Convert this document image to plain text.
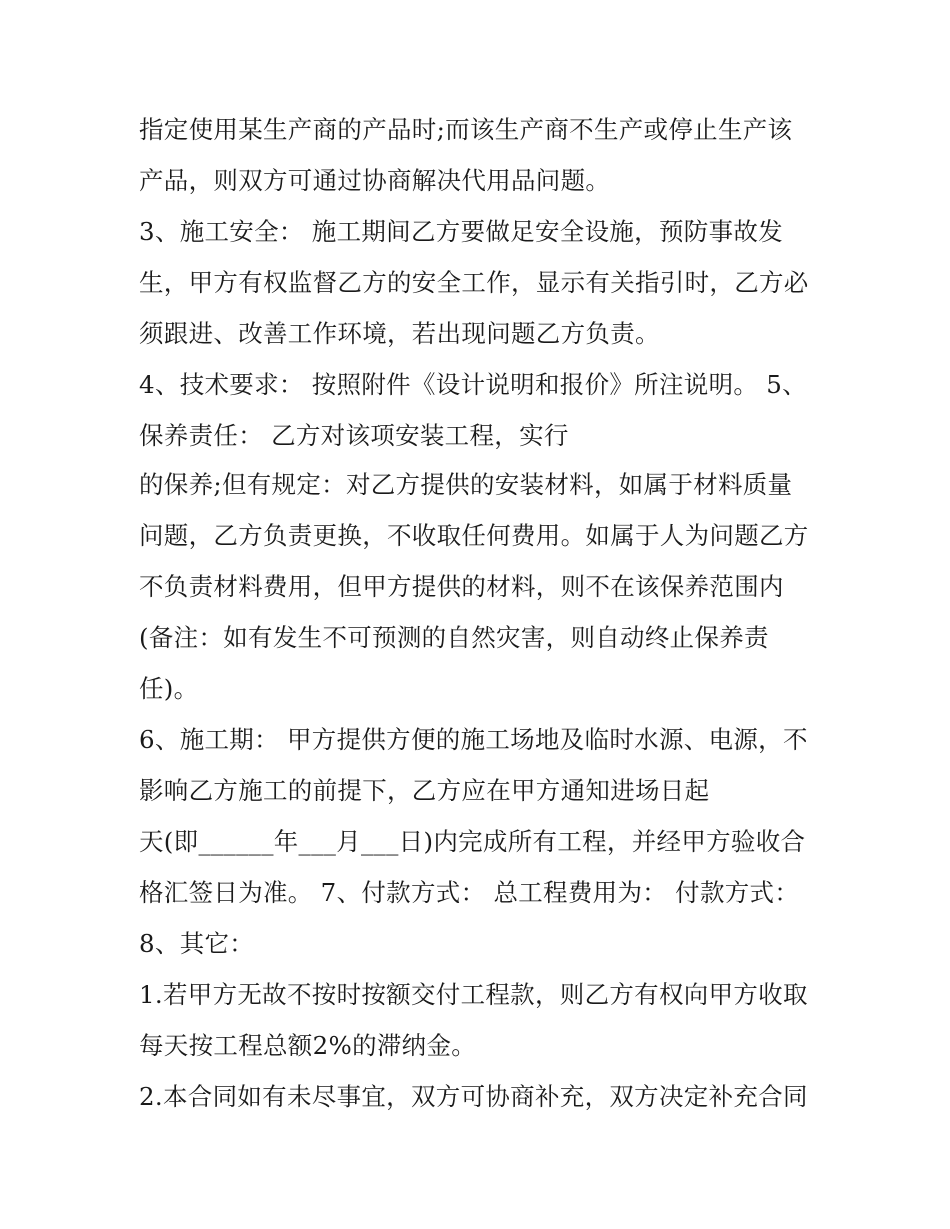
指定使用某生产商的产品时;而该生产商不生产或停止生产该

产品，则双方可通过协商解决代用品问题。

3、施工安全： 施工期间乙方要做足安全设施，预防事故发

生，甲方有权监督乙方的安全工作，显示有关指引时，乙方必

须跟进、改善工作环境，若出现问题乙方负责。

4、技术要求： 按照附件《设计说明和报价》所注说明。 5、

保养责任： 乙方对该项安装工程，实行

的保养;但有规定：对乙方提供的安装材料，如属于材料质量

问题，乙方负责更换，不收取任何费用。如属于人为问题乙方

不负责材料费用，但甲方提供的材料，则不在该保养范围内

(备注：如有发生不可预测的自然灾害，则自动终止保养责

任)。

6、施工期： 甲方提供方便的施工场地及临时水源、电源，不

影响乙方施工的前提下，乙方应在甲方通知进场日起

天(即______年___月___日)内完成所有工程，并经甲方验收合

格汇签日为准。 7、付款方式： 总工程费用为： 付款方式：

8、其它：

1.若甲方无故不按时按额交付工程款，则乙方有权向甲方收取

每天按工程总额2%的滞纳金。

2.本合同如有未尽事宜，双方可协商补充，双方决定补充合同
